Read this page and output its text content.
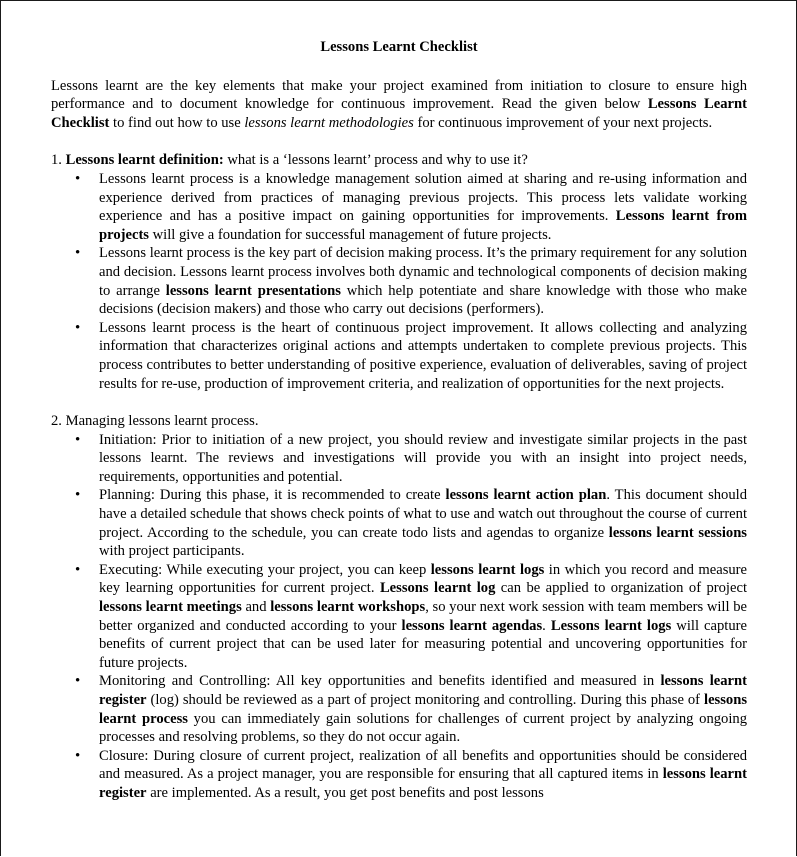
Lessons Learnt Checklist

Lessons learnt are the key elements that make your project examined from initiation to closure to ensure high performance and to document knowledge for continuous improvement. Read the given below Lessons Learnt Checklist to find out how to use lessons learnt methodologies for continuous improvement of your next projects.

1. Lessons learnt definition: what is a ‘lessons learnt’ process and why to use it?

• Lessons learnt process is a knowledge management solution aimed at sharing and re-using information and experience derived from practices of managing previous projects. This process lets validate working experience and has a positive impact on gaining opportunities for improvements. Lessons learnt from projects will give a foundation for successful management of future projects.
• Lessons learnt process is the key part of decision making process. It’s the primary requirement for any solution and decision. Lessons learnt process involves both dynamic and technological components of decision making to arrange lessons learnt presentations which help potentiate and share knowledge with those who make decisions (decision makers) and those who carry out decisions (performers).
• Lessons learnt process is the heart of continuous project improvement. It allows collecting and analyzing information that characterizes original actions and attempts undertaken to complete previous projects. This process contributes to better understanding of positive experience, evaluation of deliverables, saving of project results for re-use, production of improvement criteria, and realization of opportunities for the next projects.

2. Managing lessons learnt process.

• Initiation: Prior to initiation of a new project, you should review and investigate similar projects in the past lessons learnt. The reviews and investigations will provide you with an insight into project needs, requirements, opportunities and potential.
• Planning: During this phase, it is recommended to create lessons learnt action plan. This document should have a detailed schedule that shows check points of what to use and watch out throughout the course of current project. According to the schedule, you can create todo lists and agendas to organize lessons learnt sessions with project participants.
• Executing: While executing your project, you can keep lessons learnt logs in which you record and measure key learning opportunities for current project. Lessons learnt log can be applied to organization of project lessons learnt meetings and lessons learnt workshops, so your next work session with team members will be better organized and conducted according to your lessons learnt agendas. Lessons learnt logs will capture benefits of current project that can be used later for measuring potential and uncovering opportunities for future projects.
• Monitoring and Controlling: All key opportunities and benefits identified and measured in lessons learnt register (log) should be reviewed as a part of project monitoring and controlling. During this phase of lessons learnt process you can immediately gain solutions for challenges of current project by analyzing ongoing processes and resolving problems, so they do not occur again.
• Closure: During closure of current project, realization of all benefits and opportunities should be considered and measured. As a project manager, you are responsible for ensuring that all captured items in lessons learnt register are implemented. As a result, you get post benefits and post lessons
